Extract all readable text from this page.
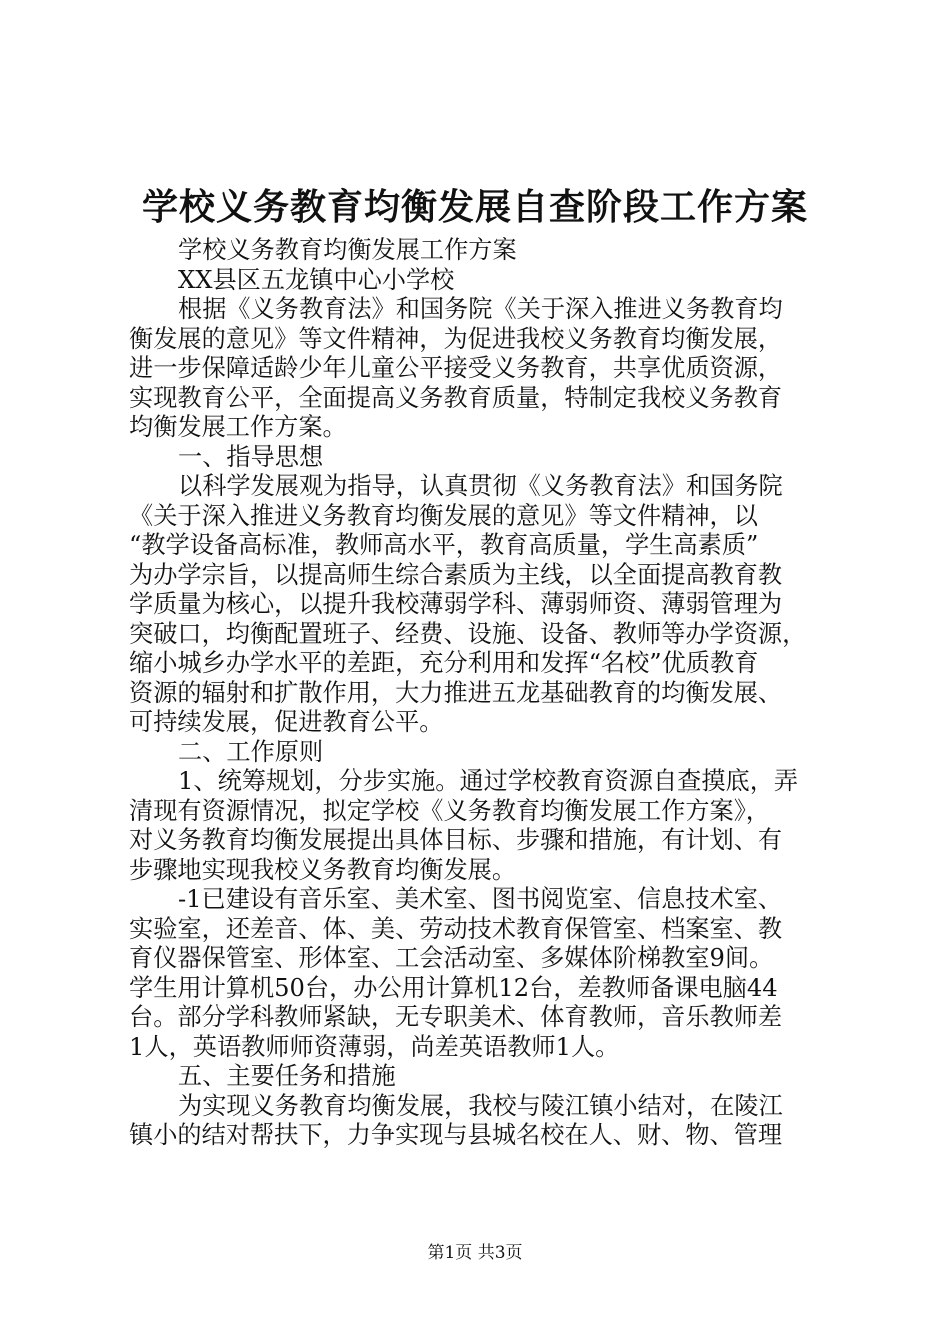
学校义务教育均衡发展自查阶段工作方案
学校义务教育均衡发展工作方案
XX县区五龙镇中心小学校
根据《义务教育法》和国务院《关于深入推进义务教育均
衡发展的意见》等文件精神，为促进我校义务教育均衡发展，
进一步保障适龄少年儿童公平接受义务教育，共享优质资源，
实现教育公平，全面提高义务教育质量，特制定我校义务教育
均衡发展工作方案。
一、指导思想
以科学发展观为指导，认真贯彻《义务教育法》和国务院
《关于深入推进义务教育均衡发展的意见》等文件精神，以
“教学设备高标准，教师高水平，教育高质量，学生高素质”
为办学宗旨，以提高师生综合素质为主线，以全面提高教育教
学质量为核心，以提升我校薄弱学科、薄弱师资、薄弱管理为
突破口，均衡配置班子、经费、设施、设备、教师等办学资源，
缩小城乡办学水平的差距，充分利用和发挥“名校”优质教育
资源的辐射和扩散作用，大力推进五龙基础教育的均衡发展、
可持续发展，促进教育公平。
二、工作原则
1、统筹规划，分步实施。通过学校教育资源自查摸底，弄
清现有资源情况，拟定学校《义务教育均衡发展工作方案》，
对义务教育均衡发展提出具体目标、步骤和措施，有计划、有
步骤地实现我校义务教育均衡发展。
-1已建设有音乐室、美术室、图书阅览室、信息技术室、
实验室，还差音、体、美、劳动技术教育保管室、档案室、教
育仪器保管室、形体室、工会活动室、多媒体阶梯教室9间。
学生用计算机50台，办公用计算机12台，差教师备课电脑44
台。部分学科教师紧缺，无专职美术、体育教师，音乐教师差
1人，英语教师师资薄弱，尚差英语教师1人。
五、主要任务和措施
为实现义务教育均衡发展，我校与陵江镇小结对，在陵江
镇小的结对帮扶下，力争实现与县城名校在人、财、物、管理
第1页 共3页
